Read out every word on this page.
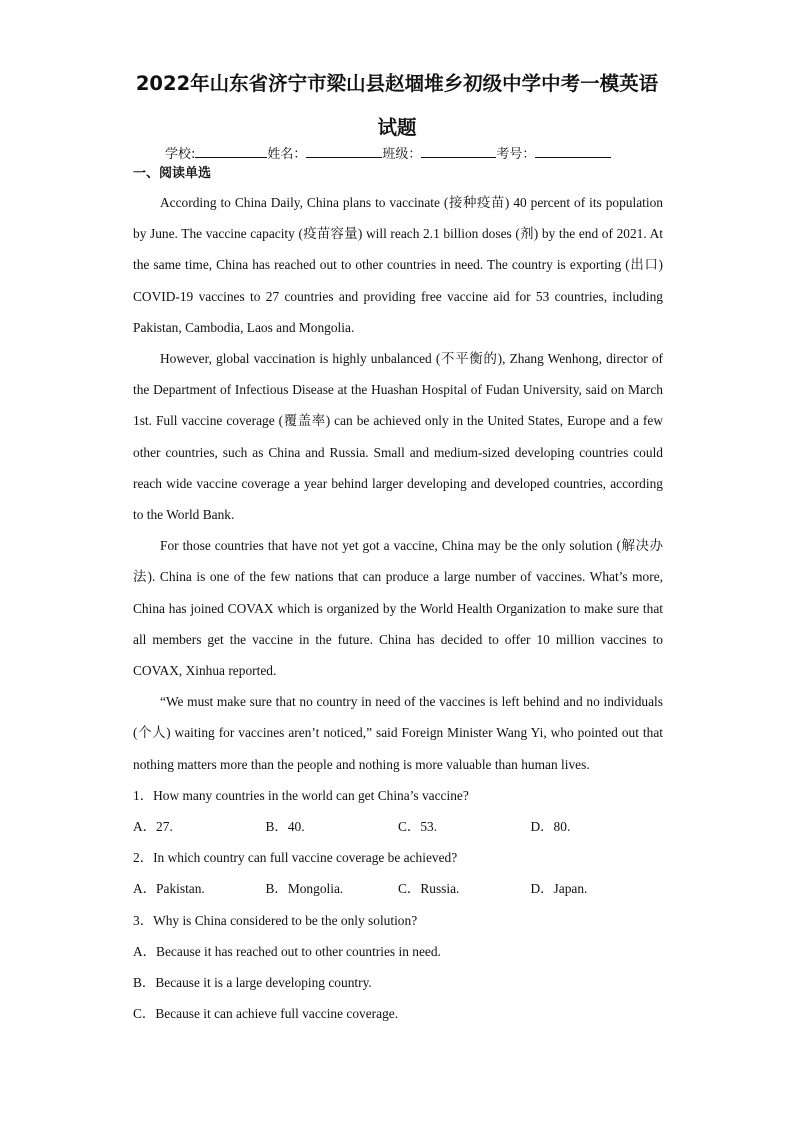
2022年山东省济宁市梁山县赵堌堆乡初级中学中考一模英语
试题
学校:	姓名：	班级：	考号：
一、阅读单选

According to China Daily, China plans to vaccinate (接种疫苗) 40 percent of its population by June. The vaccine capacity (疫苗容量) will reach 2.1 billion doses (剂) by the end of 2021. At the same time, China has reached out to other countries in need. The country is exporting (出口) COVID-19 vaccines to 27 countries and providing free vaccine aid for 53 countries, including Pakistan, Cambodia, Laos and Mongolia.

However, global vaccination is highly unbalanced (不平衡的), Zhang Wenhong, director of the Department of Infectious Disease at the Huashan Hospital of Fudan University, said on March 1st. Full vaccine coverage (覆盖率) can be achieved only in the United States, Europe and a few other countries, such as China and Russia. Small and medium-sized developing countries could reach wide vaccine coverage a year behind larger developing and developed countries, according to the World Bank.

For those countries that have not yet got a vaccine, China may be the only solution (解决办法). China is one of the few nations that can produce a large number of vaccines. What’s more, China has joined COVAX which is organized by the World Health Organization to make sure that all members get the vaccine in the future. China has decided to offer 10 million vaccines to COVAX, Xinhua reported.

“We must make sure that no country in need of the vaccines is left behind and no individuals (个人) waiting for vaccines aren’t noticed,” said Foreign Minister Wang Yi, who pointed out that nothing matters more than the people and nothing is more valuable than human lives.

1．How many countries in the world can get China’s vaccine?

A．27.	B．40.	C．53.	D．80.

2．In which country can full vaccine coverage be achieved?

A．Pakistan.	B．Mongolia.	C．Russia.	D．Japan.

3．Why is China considered to be the only solution?

A．Because it has reached out to other countries in need.

B．Because it is a large developing country.

C．Because it can achieve full vaccine coverage.
